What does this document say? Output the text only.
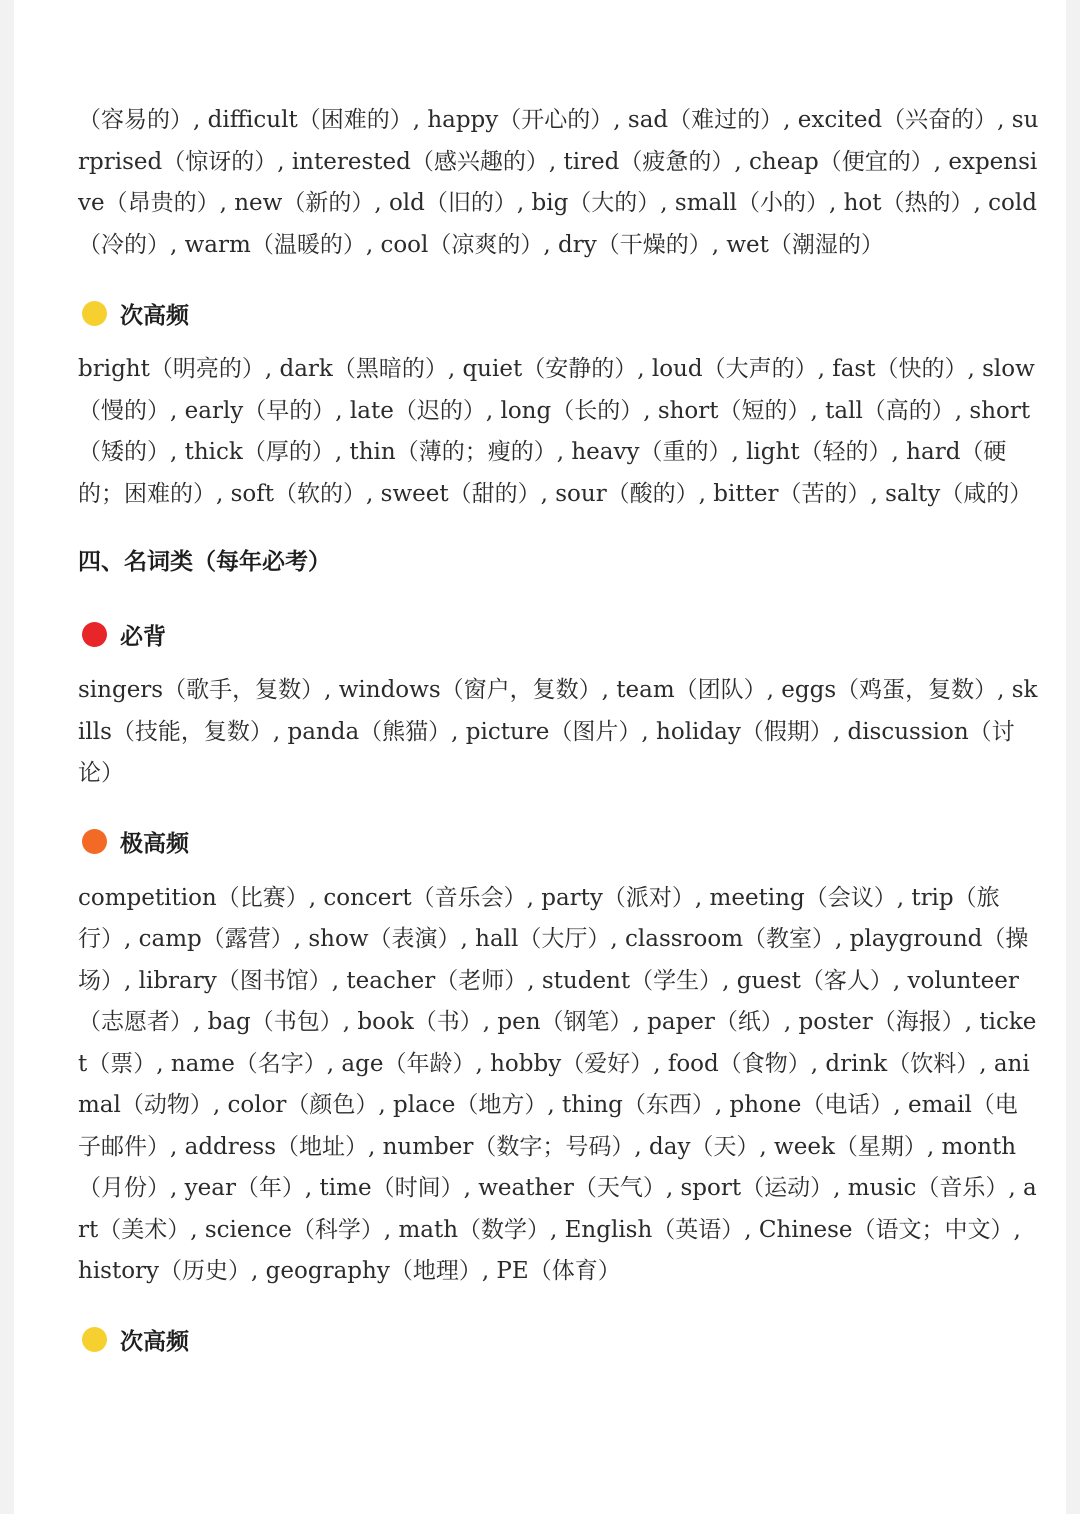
（容易的）, difficult（困难的）, happy（开心的）, sad（难过的）, excited（兴奋的）, surprised（惊讶的）, interested（感兴趣的）, tired（疲惫的）, cheap（便宜的）, expensive（昂贵的）, new（新的）, old（旧的）, big（大的）, small（小的）, hot（热的）, cold（冷的）, warm（温暖的）, cool（凉爽的）, dry（干燥的）, wet（潮湿的）

次高频

bright（明亮的）, dark（黑暗的）, quiet（安静的）, loud（大声的）, fast（快的）, slow（慢的）, early（早的）, late（迟的）, long（长的）, short（短的）, tall（高的）, short（矮的）, thick（厚的）, thin（薄的；瘦的）, heavy（重的）, light（轻的）, hard（硬的；困难的）, soft（软的）, sweet（甜的）, sour（酸的）, bitter（苦的）, salty（咸的）

四、名词类（每年必考）
必背

singers（歌手，复数）, windows（窗户，复数）, team（团队）, eggs（鸡蛋，复数）, skills（技能，复数）, panda（熊猫）, picture（图片）, holiday（假期）, discussion（讨论）

极高频

competition（比赛）, concert（音乐会）, party（派对）, meeting（会议）, trip（旅行）, camp（露营）, show（表演）, hall（大厅）, classroom（教室）, playground（操场）, library（图书馆）, teacher（老师）, student（学生）, guest（客人）, volunteer（志愿者）, bag（书包）, book（书）, pen（钢笔）, paper（纸）, poster（海报）, ticket（票）, name（名字）, age（年龄）, hobby（爱好）, food（食物）, drink（饮料）, animal（动物）, color（颜色）, place（地方）, thing（东西）, phone（电话）, email（电子邮件）, address（地址）, number（数字；号码）, day（天）, week（星期）, month（月份）, year（年）, time（时间）, weather（天气）, sport（运动）, music（音乐）, art（美术）, science（科学）, math（数学）, English（英语）, Chinese（语文；中文）, history（历史）, geography（地理）, PE（体育）

次高频
